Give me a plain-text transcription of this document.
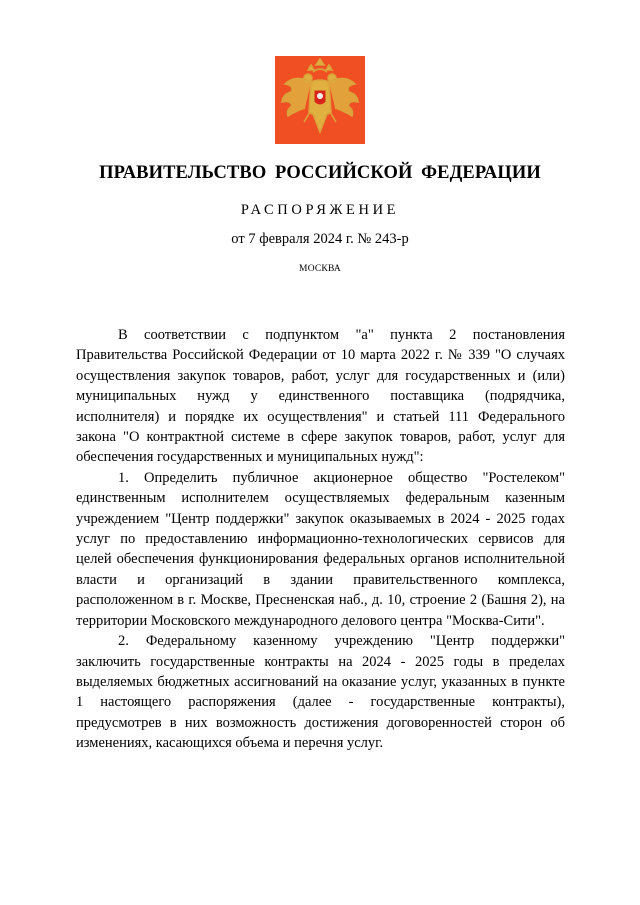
ПРАВИТЕЛЬСТВО РОССИЙСКОЙ ФЕДЕРАЦИИ
РАСПОРЯЖЕНИЕ
от 7 февраля 2024 г. № 243-р
МОСКВА

В соответствии с подпунктом "а" пункта 2 постановления Правительства Российской Федерации от 10 марта 2022 г. № 339 "О случаях осуществления закупок товаров, работ, услуг для государственных и (или) муниципальных нужд у единственного поставщика (подрядчика, исполнителя) и порядке их осуществления" и статьей 111 Федерального закона "О контрактной системе в сфере закупок товаров, работ, услуг для обеспечения государственных и муниципальных нужд":

1. Определить публичное акционерное общество "Ростелеком" единственным исполнителем осуществляемых федеральным казенным учреждением "Центр поддержки" закупок оказываемых в 2024 - 2025 годах услуг по предоставлению информационно-технологических сервисов для целей обеспечения функционирования федеральных органов исполнительной власти и организаций в здании правительственного комплекса, расположенном в г. Москве, Пресненская наб., д. 10, строение 2 (Башня 2), на территории Московского международного делового центра "Москва-Сити".

2. Федеральному казенному учреждению "Центр поддержки" заключить государственные контракты на 2024 - 2025 годы в пределах выделяемых бюджетных ассигнований на оказание услуг, указанных в пункте 1 настоящего распоряжения (далее - государственные контракты), предусмотрев в них возможность достижения договоренностей сторон об изменениях, касающихся объема и перечня услуг.
